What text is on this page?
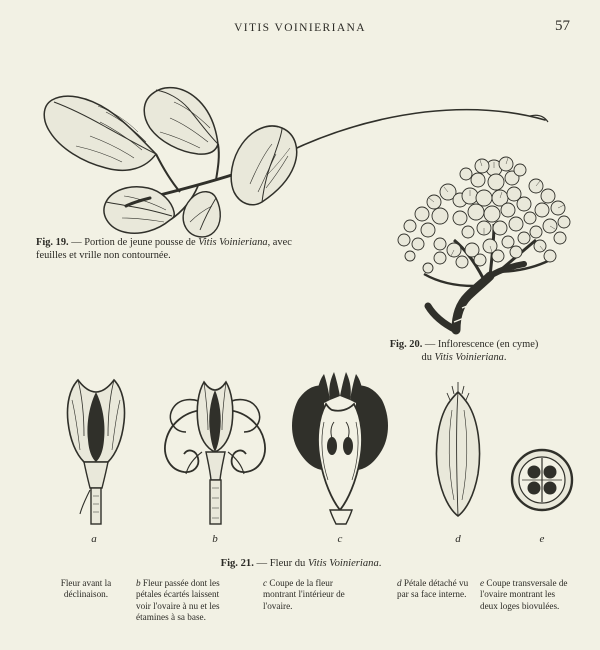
VITIS VOINIERIANA	57
Fig. 19. — Portion de jeune pousse de Vitis Voinieriana, avec feuilles et vrille non contournée.
Fig. 20. — Inflorescence (en cyme)
du Vitis Voinieriana.
a	b	c	d	e
Fig. 21. — Fleur du Vitis Voinieriana.
Fleur avant la déclinaison.
b Fleur passée dont les pétales écartés laissent voir l'ovaire à nu et les étamines à sa base.
c Coupe de la fleur montrant l'intérieur de l'ovaire.
d Pétale détaché vu par sa face interne.
e Coupe transversale de l'ovaire montrant les deux loges biovulées.
